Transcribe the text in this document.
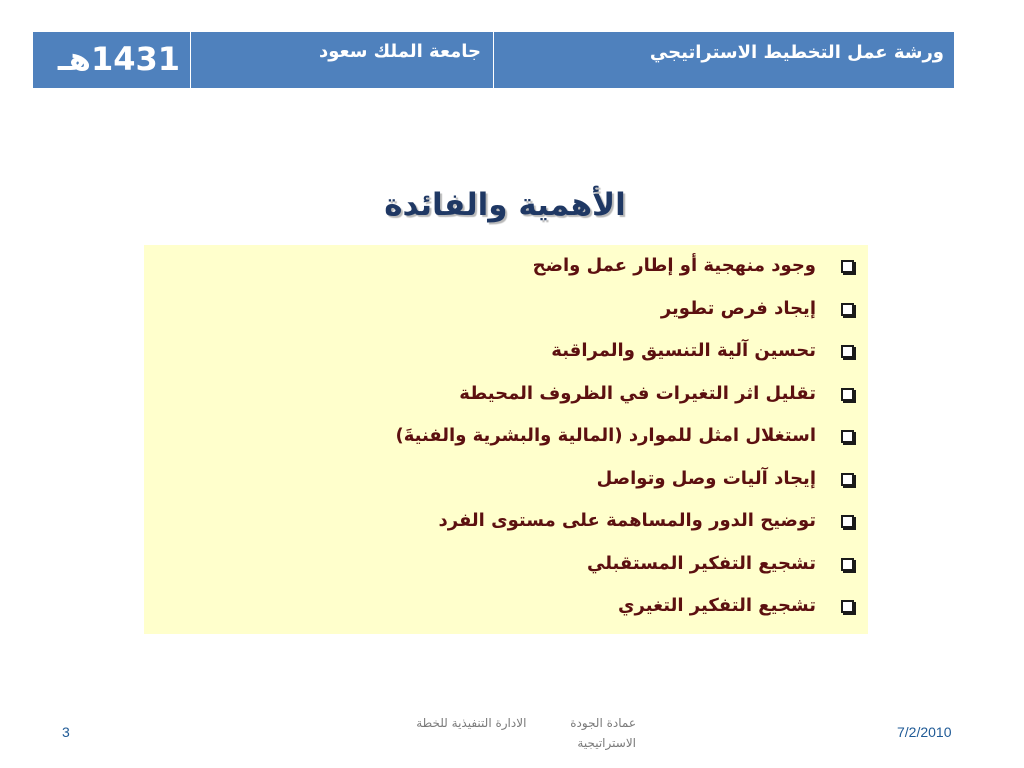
1431هـ	جامعة الملك سعود	ورشة عمل التخطيط الاستراتيجي
الأهمية والفائدة
وجود منهجية أو إطار عمل واضح
إيجاد فرص تطوير
تحسين آلية التنسيق والمراقبة
تقليل اثر التغيرات في الظروف المحيطة
استغلال امثل للموارد (المالية والبشرية والفنيةَ)
إيجاد آليات وصل وتواصل
توضيح الدور والمساهمة على مستوى الفرد
تشجيع التفكير المستقبلي
تشجيع التفكير التغيري
3
عمادة الجودة الادارة التنفيذية للخطة الاستراتيجية
7/2/2010
